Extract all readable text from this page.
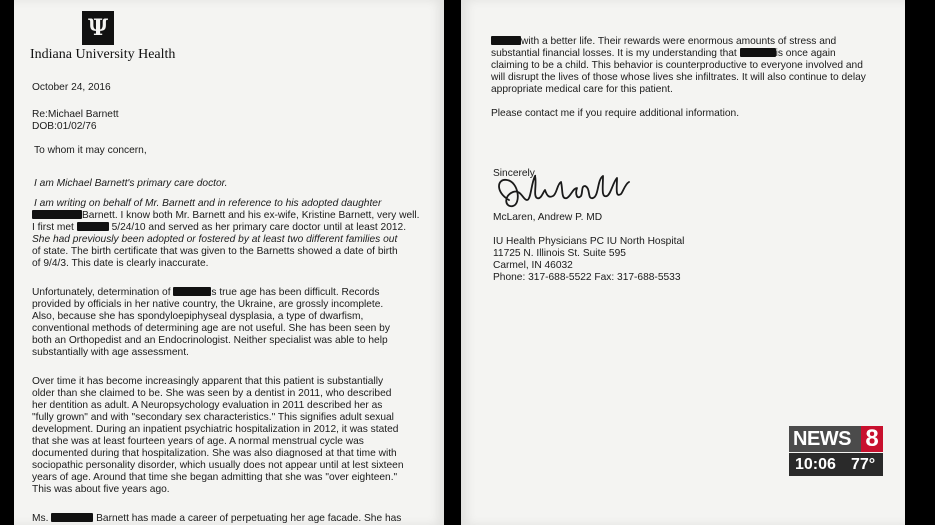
Ψ
Indiana University Health
October 24, 2016
Re:Michael Barnett
DOB:01/02/76
To whom it may concern,
I am Michael Barnett's primary care doctor.
I am writing on behalf of Mr. Barnett and in reference to his adopted daughter
Barnett. I know both Mr. Barnett and his ex-wife, Kristine Barnett, very well.
I first met	5/24/10 and served as her primary care doctor until at least 2012.
She had previously been adopted or fostered by at least two different families out
of state. The birth certificate that was given to the Barnetts showed a date of birth
of 9/4/3. This date is clearly inaccurate.
Unfortunately, determination of	s true age has been difficult. Records
provided by officials in her native country, the Ukraine, are grossly incomplete.
Also, because she has spondyloepiphyseal dysplasia, a type of dwarfism,
conventional methods of determining age are not useful. She has been seen by
both an Orthopedist and an Endocrinologist. Neither specialist was able to help
substantially with age assessment.
Over time it has become increasingly apparent that this patient is substantially
older than she claimed to be. She was seen by a dentist in 2011, who described
her dentition as adult. A Neuropsychology evaluation in 2011 described her as
"fully grown" and with "secondary sex characteristics." This signifies adult sexual
development. During an inpatient psychiatric hospitalization in 2012, it was stated
that she was at least fourteen years of age. A normal menstrual cycle was
documented during that hospitalization. She was also diagnosed at that time with
sociopathic personality disorder, which usually does not appear until at lest sixteen
years of age. Around that time she began admitting that she was "over eighteen."
This was about five years ago.
Ms.	Barnett has made a career of perpetuating her age facade. She has
with a better life. Their rewards were enormous amounts of stress and
substantial financial losses. It is my understanding that	is once again
claiming to be a child. This behavior is counterproductive to everyone involved and
will disrupt the lives of those whose lives she infiltrates. It will also continue to delay
appropriate medical care for this patient.
Please contact me if you require additional information.
Sincerely,
McLaren, Andrew P. MD
IU Health Physicians PC IU North Hospital
11725 N. Illinois St. Suite 595
Carmel, IN 46032
Phone: 317-688-5522 Fax: 317-688-5533
NEWS 8
10:06 77°
